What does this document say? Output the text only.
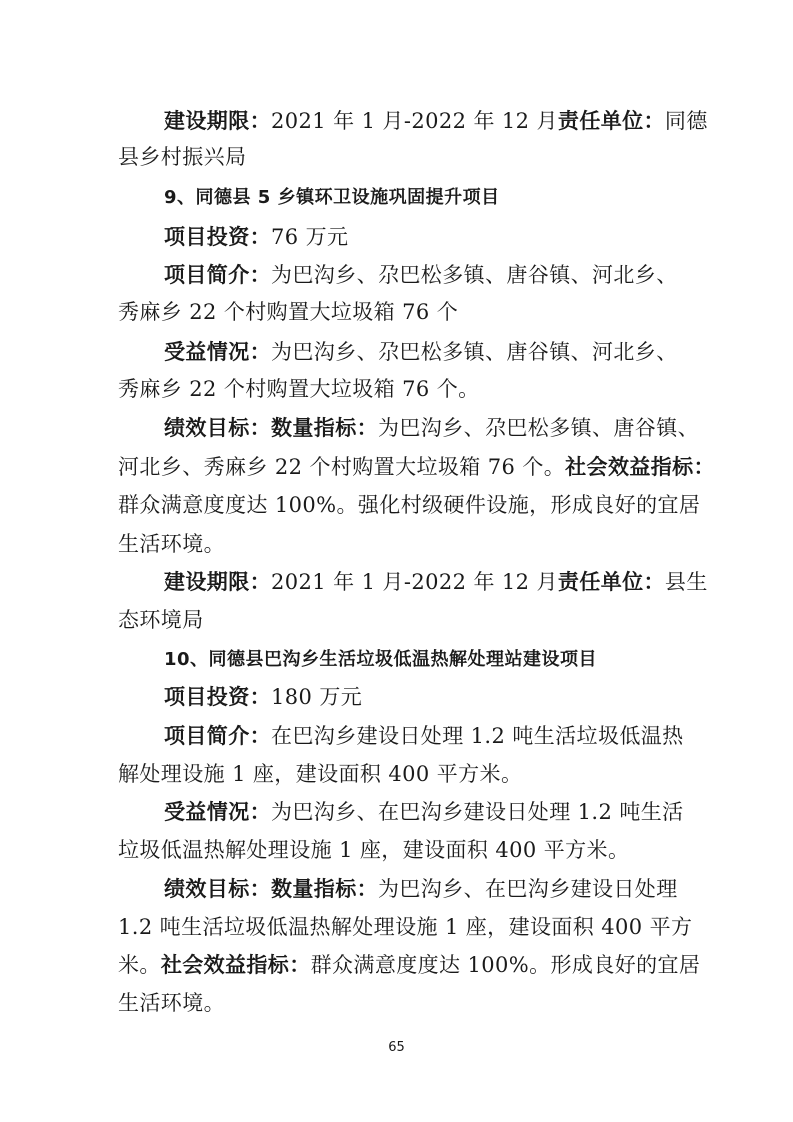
建设期限：2021 年 1 月-2022 年 12 月责任单位：同德
县乡村振兴局
9、同德县 5 乡镇环卫设施巩固提升项目
项目投资：76 万元
项目简介：为巴沟乡、尕巴松多镇、唐谷镇、河北乡、
秀麻乡 22 个村购置大垃圾箱 76 个
受益情况：为巴沟乡、尕巴松多镇、唐谷镇、河北乡、
秀麻乡 22 个村购置大垃圾箱 76 个。
绩效目标：数量指标：为巴沟乡、尕巴松多镇、唐谷镇、
河北乡、秀麻乡 22 个村购置大垃圾箱 76 个。社会效益指标：
群众满意度度达 100%。强化村级硬件设施，形成良好的宜居
生活环境。
建设期限：2021 年 1 月-2022 年 12 月责任单位：县生
态环境局
10、同德县巴沟乡生活垃圾低温热解处理站建设项目
项目投资：180 万元
项目简介：在巴沟乡建设日处理 1.2 吨生活垃圾低温热
解处理设施 1 座，建设面积 400 平方米。
受益情况：为巴沟乡、在巴沟乡建设日处理 1.2 吨生活
垃圾低温热解处理设施 1 座，建设面积 400 平方米。
绩效目标：数量指标：为巴沟乡、在巴沟乡建设日处理
1.2 吨生活垃圾低温热解处理设施 1 座，建设面积 400 平方
米。社会效益指标：群众满意度度达 100%。形成良好的宜居
生活环境。
65
